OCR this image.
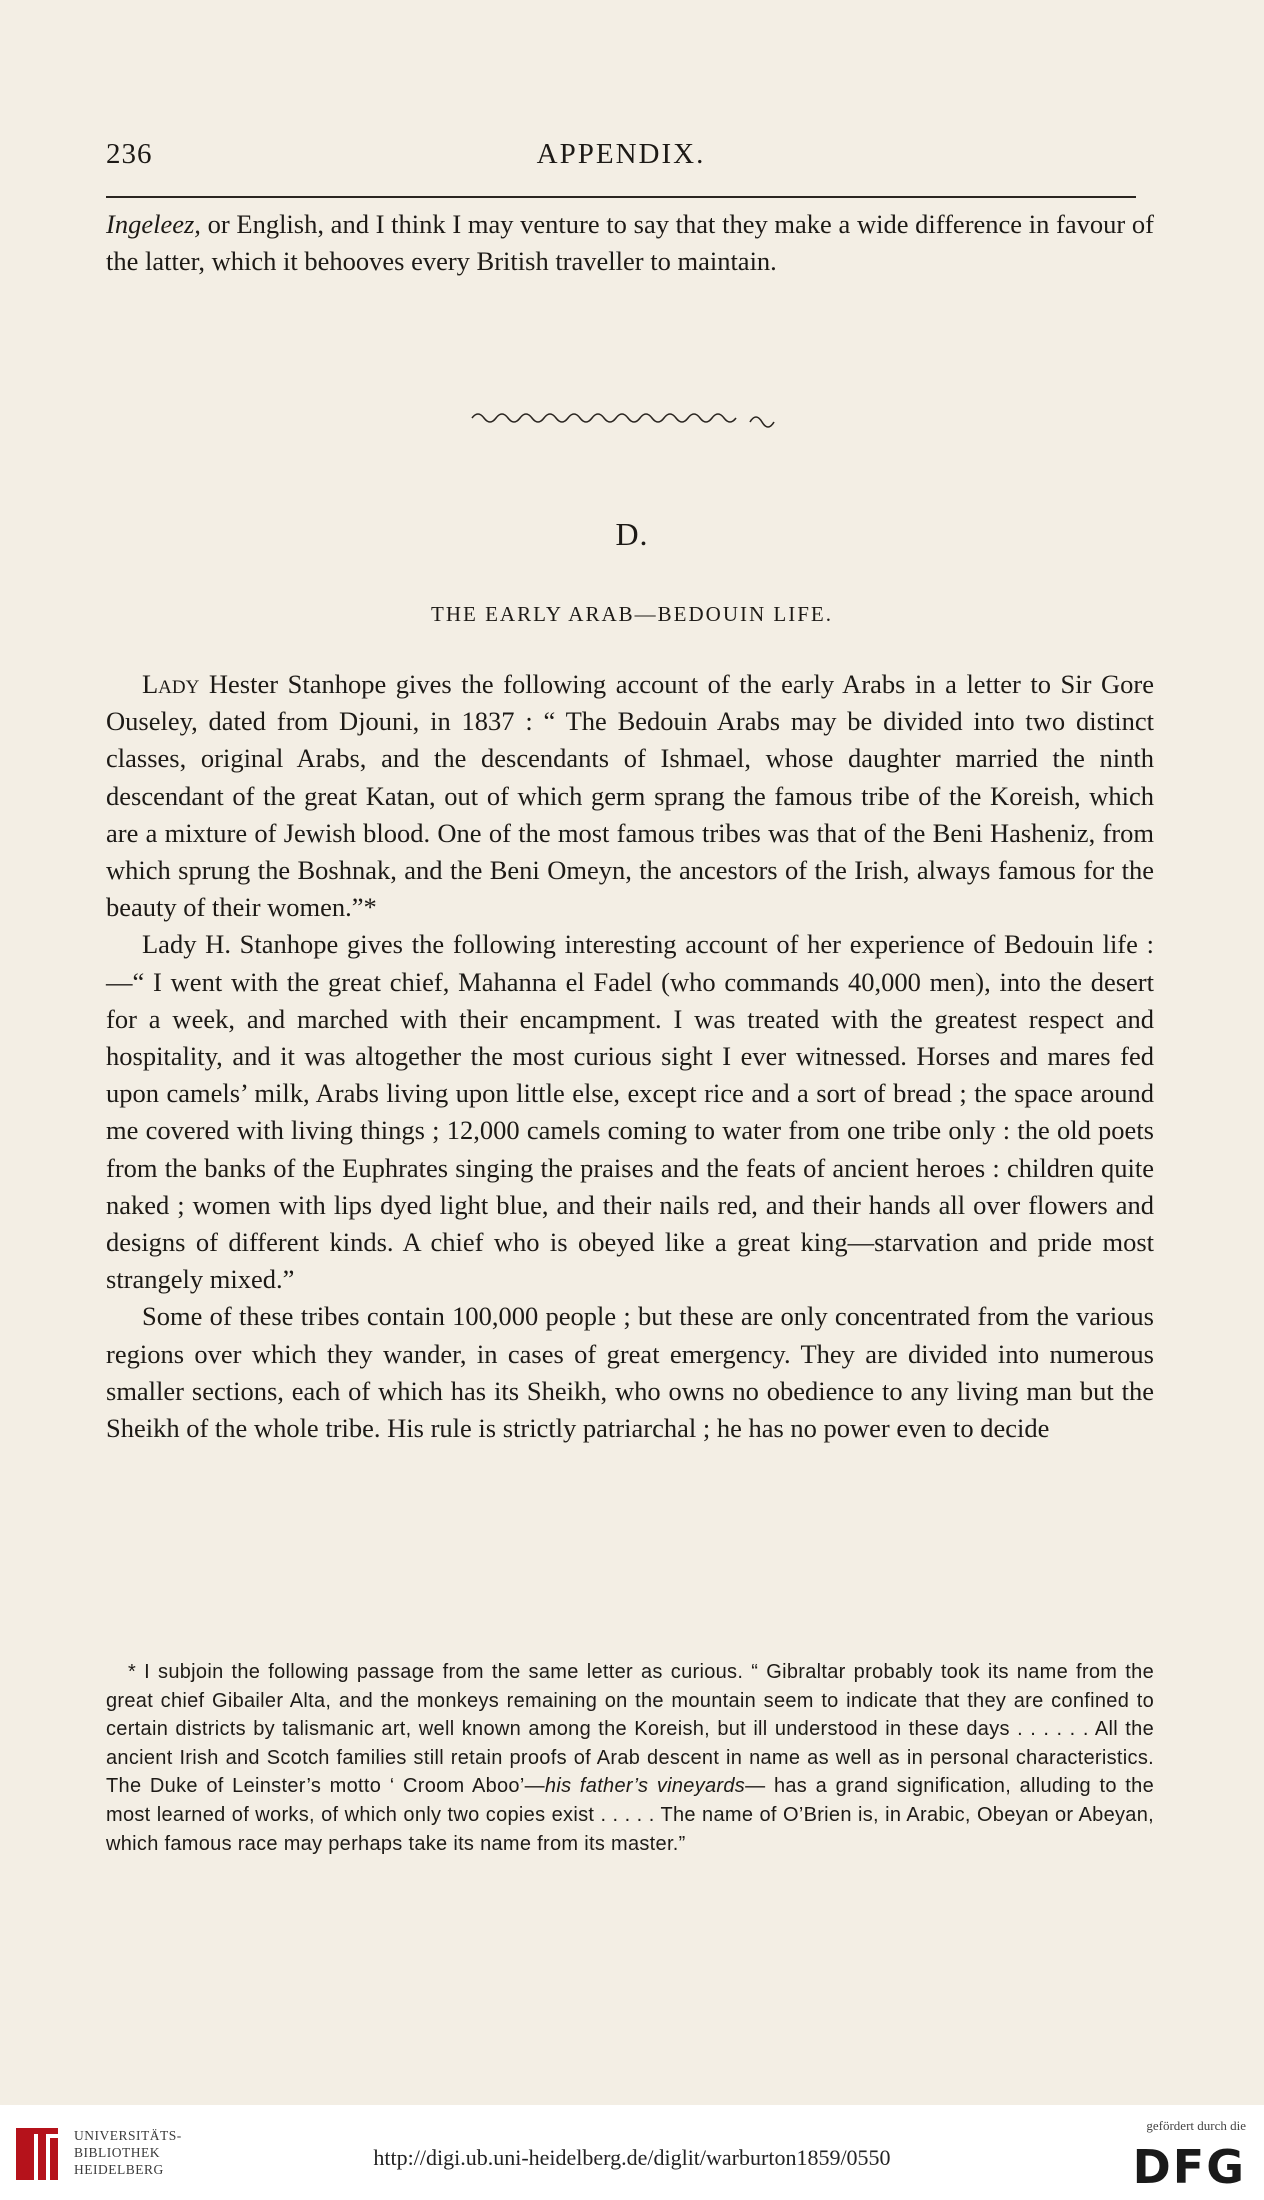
236	APPENDIX.

Ingeleez, or English, and I think I may venture to say that they make a wide difference in favour of the latter, which it behooves every British traveller to maintain.

D.
THE EARLY ARAB—BEDOUIN LIFE.

Lady Hester Stanhope gives the following account of the early Arabs in a letter to Sir Gore Ouseley, dated from Djouni, in 1837 : “ The Bedouin Arabs may be divided into two distinct classes, original Arabs, and the descendants of Ishmael, whose daughter married the ninth descendant of the great Katan, out of which germ sprang the famous tribe of the Koreish, which are a mixture of Jewish blood. One of the most famous tribes was that of the Beni Hasheniz, from which sprung the Boshnak, and the Beni Omeyn, the ancestors of the Irish, always famous for the beauty of their women.”*

Lady H. Stanhope gives the following interesting account of her experience of Bedouin life :—“ I went with the great chief, Mahanna el Fadel (who commands 40,000 men), into the desert for a week, and marched with their encampment. I was treated with the greatest respect and hospitality, and it was altogether the most curious sight I ever witnessed. Horses and mares fed upon camels’ milk, Arabs living upon little else, except rice and a sort of bread ; the space around me covered with living things ; 12,000 camels coming to water from one tribe only : the old poets from the banks of the Euphrates singing the praises and the feats of ancient heroes : children quite naked ; women with lips dyed light blue, and their nails red, and their hands all over flowers and designs of different kinds. A chief who is obeyed like a great king—starvation and pride most strangely mixed.”

Some of these tribes contain 100,000 people ; but these are only concentrated from the various regions over which they wander, in cases of great emergency. They are divided into numerous smaller sections, each of which has its Sheikh, who owns no obedience to any living man but the Sheikh of the whole tribe. His rule is strictly patriarchal ; he has no power even to decide

* I subjoin the following passage from the same letter as curious. “ Gibraltar probably took its name from the great chief Gibailer Alta, and the monkeys remaining on the mountain seem to indicate that they are confined to certain districts by talismanic art, well known among the Koreish, but ill understood in these days . . . . . . All the ancient Irish and Scotch families still retain proofs of Arab descent in name as well as in personal characteristics. The Duke of Leinster’s motto ‘ Croom Aboo’—his father’s vineyards— has a grand signification, alluding to the most learned of works, of which only two copies exist . . . . . The name of O’Brien is, in Arabic, Obeyan or Abeyan, which famous race may perhaps take its name from its master.”

UNIVERSITÄTS-
BIBLIOTHEK
HEIDELBERG	http://digi.ub.uni-heidelberg.de/diglit/warburton1859/0550
gefördert durch die
DFG
